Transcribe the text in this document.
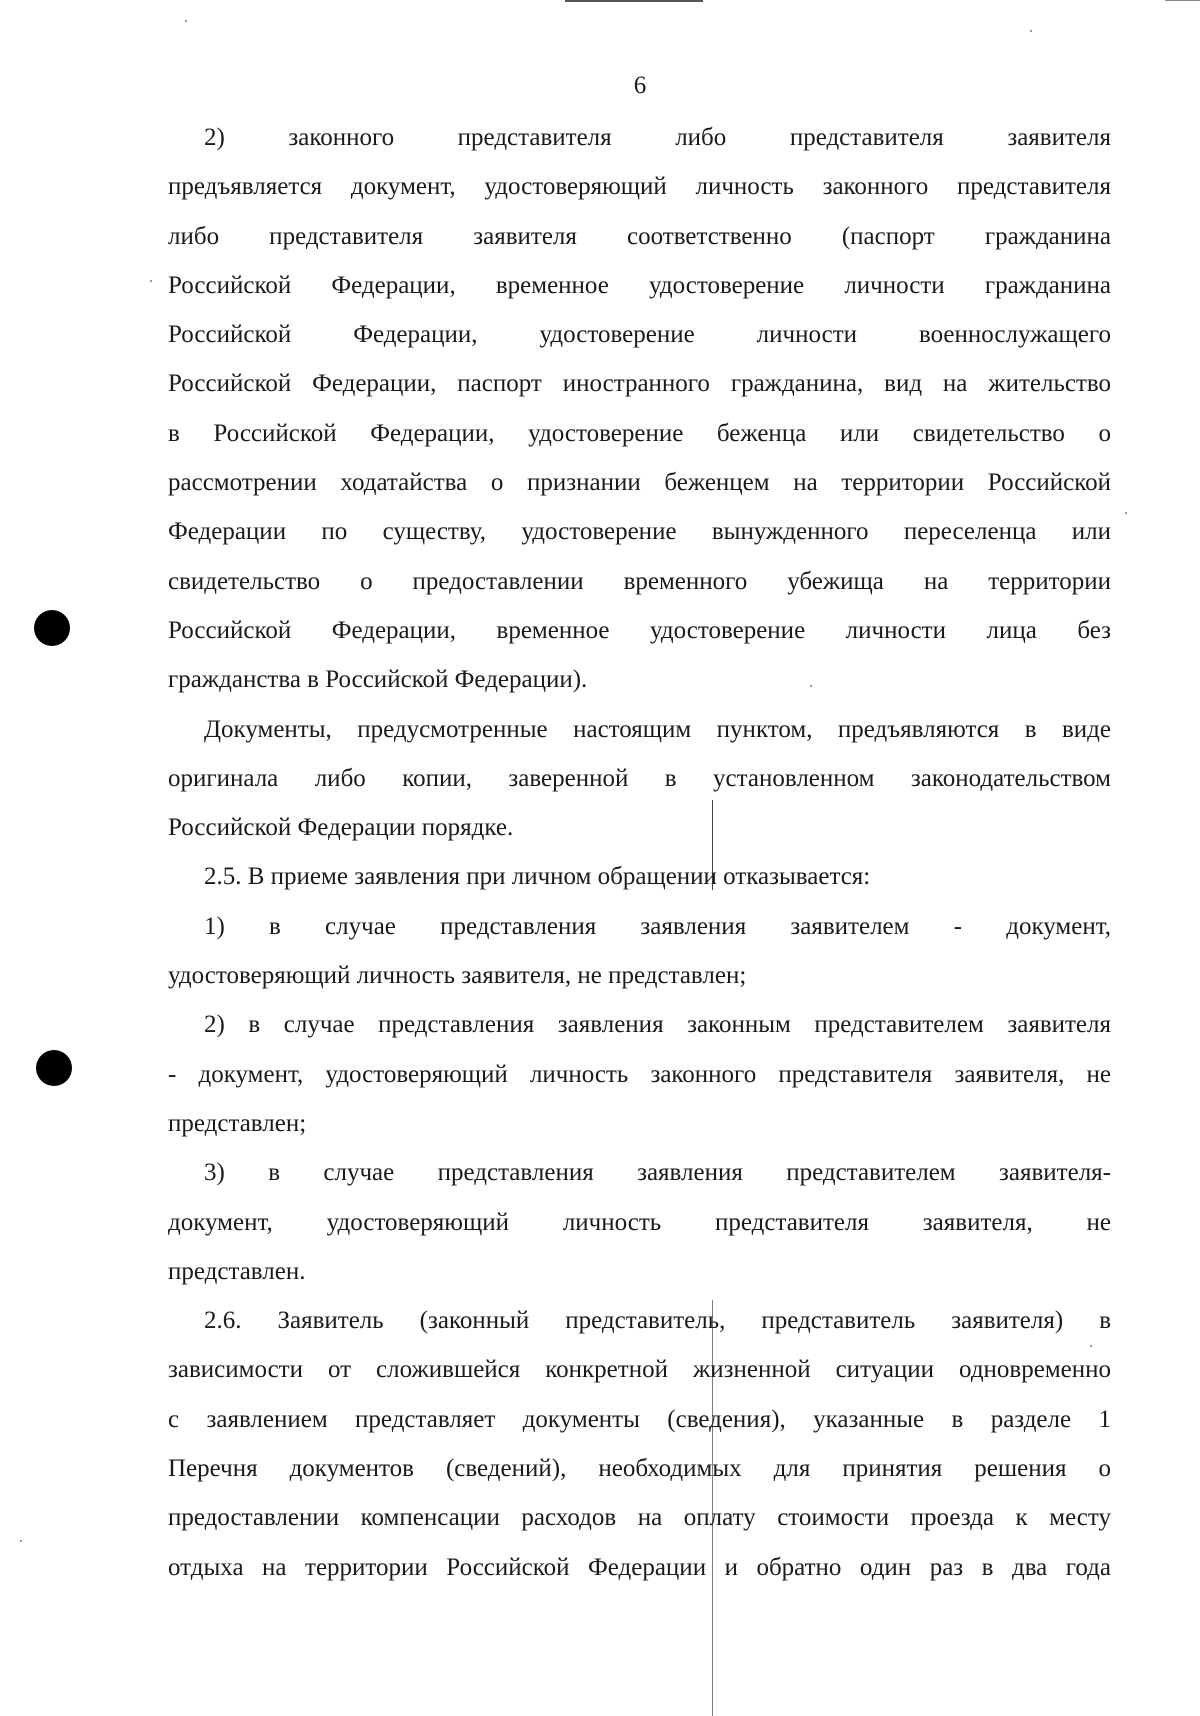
6
2) законного представителя либо представителя заявителя
предъявляется документ, удостоверяющий личность законного представителя
либо представителя заявителя соответственно (паспорт гражданина
Российской Федерации, временное удостоверение личности гражданина
Российской Федерации, удостоверение личности военнослужащего
Российской Федерации, паспорт иностранного гражданина, вид на жительство
в Российской Федерации, удостоверение беженца или свидетельство о
рассмотрении ходатайства о признании беженцем на территории Российской
Федерации по существу, удостоверение вынужденного переселенца или
свидетельство о предоставлении временного убежища на территории
Российской Федерации, временное удостоверение личности лица без
гражданства в Российской Федерации).
Документы, предусмотренные настоящим пунктом, предъявляются в виде
оригинала либо копии, заверенной в установленном законодательством
Российской Федерации порядке.
2.5. В приеме заявления при личном обращении отказывается:
1) в случае представления заявления заявителем - документ,
удостоверяющий личность заявителя, не представлен;
2) в случае представления заявления законным представителем заявителя
- документ, удостоверяющий личность законного представителя заявителя, не
представлен;
3) в случае представления заявления представителем заявителя-
документ, удостоверяющий личность представителя заявителя, не
представлен.
2.6. Заявитель (законный представитель, представитель заявителя) в
зависимости от сложившейся конкретной жизненной ситуации одновременно
с заявлением представляет документы (сведения), указанные в разделе 1
Перечня документов (сведений), необходимых для принятия решения о
предоставлении компенсации расходов на оплату стоимости проезда к месту
отдыха на территории Российской Федерации и обратно один раз в два года
